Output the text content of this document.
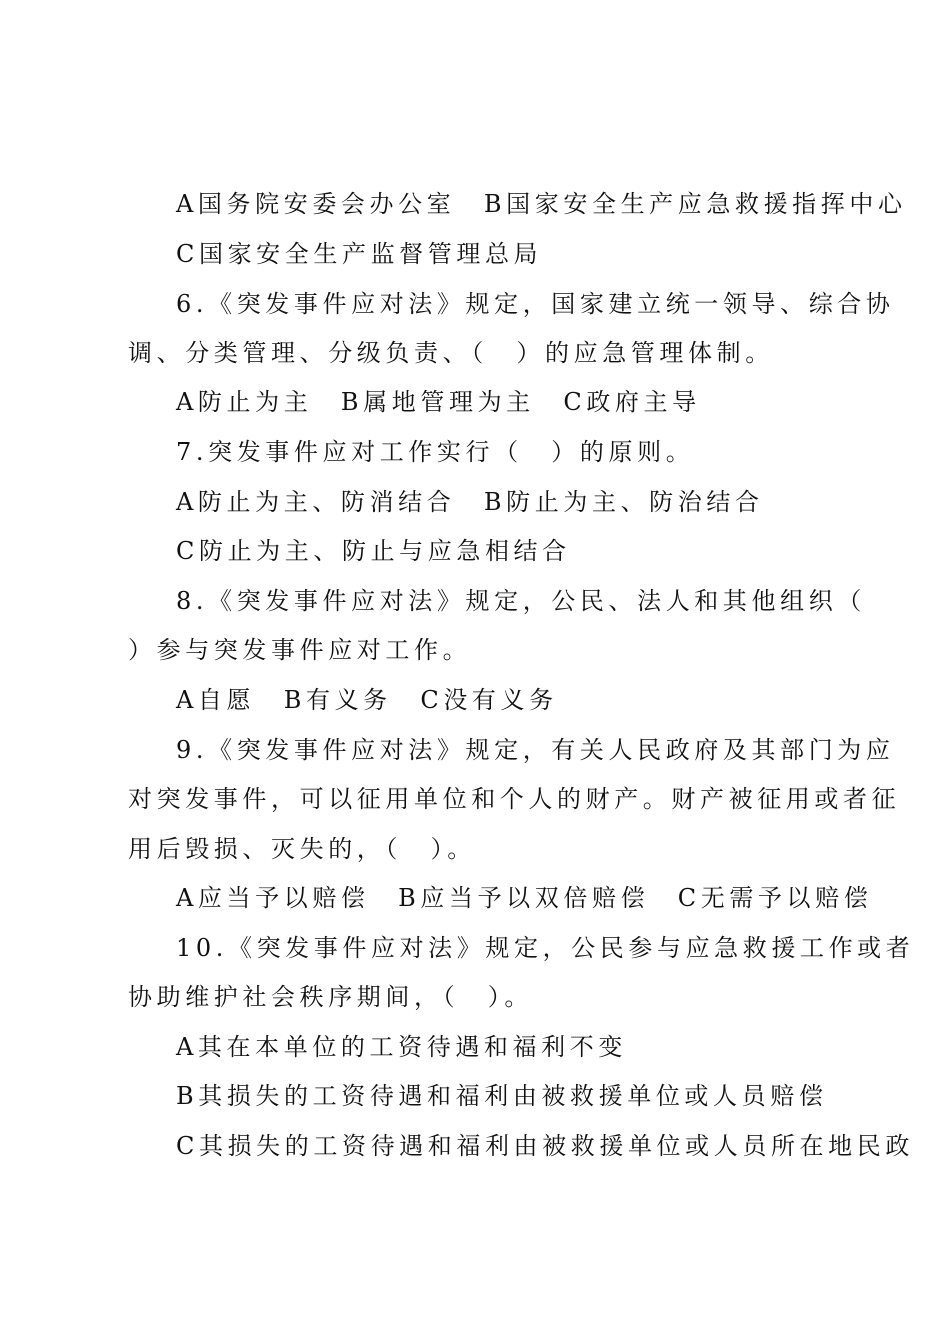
A国务院安委会办公室　B国家安全生产应急救援指挥中心
C国家安全生产监督管理总局
6.《突发事件应对法》规定，国家建立统一领导、综合协
调、分类管理、分级负责、（　）的应急管理体制。
A防止为主　B属地管理为主　C政府主导
7.突发事件应对工作实行（　）的原则。
A防止为主、防消结合　B防止为主、防治结合
C防止为主、防止与应急相结合
8.《突发事件应对法》规定，公民、法人和其他组织（
）参与突发事件应对工作。
A自愿　B有义务　C没有义务
9.《突发事件应对法》规定，有关人民政府及其部门为应
对突发事件，可以征用单位和个人的财产。财产被征用或者征
用后毁损、灭失的，（　）。
A应当予以赔偿　B应当予以双倍赔偿　C无需予以赔偿
10.《突发事件应对法》规定，公民参与应急救援工作或者
协助维护社会秩序期间，（　）。
A其在本单位的工资待遇和福利不变
B其损失的工资待遇和福利由被救援单位或人员赔偿
C其损失的工资待遇和福利由被救援单位或人员所在地民政
